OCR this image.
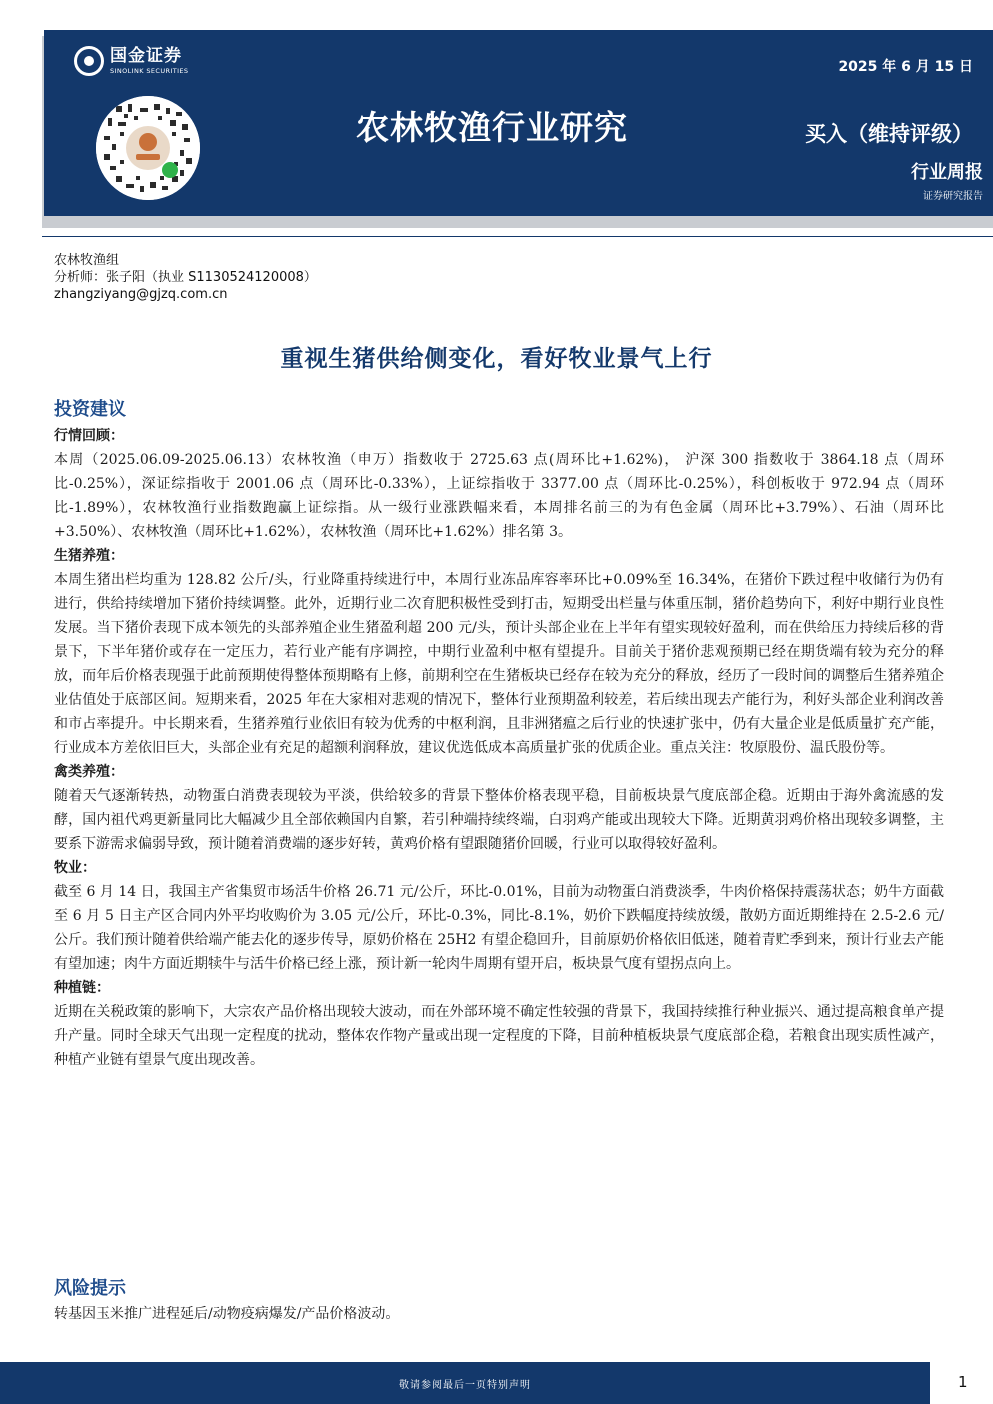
国金证券
SINOLINK SECURITIES
农林牧渔行业研究
2025 年 6 月 15 日
买入（维持评级）
行业周报
证券研究报告
农林牧渔组
分析师：张子阳（执业 S1130524120008）
zhangziyang@gjzq.com.cn
重视生猪供给侧变化，看好牧业景气上行
投资建议
行情回顾：

本周（2025.06.09-2025.06.13）农林牧渔（申万）指数收于 2725.63 点(周环比+1.62%)， 沪深 300 指数收于 3864.18 点（周环比-0.25%），深证综指收于 2001.06 点（周环比-0.33%），上证综指收于 3377.00 点（周环比-0.25%），科创板收于 972.94 点（周环比-1.89%），农林牧渔行业指数跑赢上证综指。从一级行业涨跌幅来看，本周排名前三的为有色金属（周环比+3.79%）、石油（周环比+3.50%）、农林牧渔（周环比+1.62%），农林牧渔（周环比+1.62%）排名第 3。

生猪养殖：

本周生猪出栏均重为 128.82 公斤/头，行业降重持续进行中，本周行业冻品库容率环比+0.09%至 16.34%，在猪价下跌过程中收储行为仍有进行，供给持续增加下猪价持续调整。此外，近期行业二次育肥积极性受到打击，短期受出栏量与体重压制，猪价趋势向下，利好中期行业良性发展。当下猪价表现下成本领先的头部养殖企业生猪盈利超 200 元/头，预计头部企业在上半年有望实现较好盈利，而在供给压力持续后移的背景下，下半年猪价或存在一定压力，若行业产能有序调控，中期行业盈利中枢有望提升。目前关于猪价悲观预期已经在期货端有较为充分的释放，而年后价格表现强于此前预期使得整体预期略有上修，前期利空在生猪板块已经存在较为充分的释放，经历了一段时间的调整后生猪养殖企业估值处于底部区间。短期来看，2025 年在大家相对悲观的情况下，整体行业预期盈利较差，若后续出现去产能行为，利好头部企业利润改善和市占率提升。中长期来看，生猪养殖行业依旧有较为优秀的中枢利润，且非洲猪瘟之后行业的快速扩张中，仍有大量企业是低质量扩充产能，行业成本方差依旧巨大，头部企业有充足的超额利润释放，建议优选低成本高质量扩张的优质企业。重点关注：牧原股份、温氏股份等。

禽类养殖：

随着天气逐渐转热，动物蛋白消费表现较为平淡，供给较多的背景下整体价格表现平稳，目前板块景气度底部企稳。近期由于海外禽流感的发酵，国内祖代鸡更新量同比大幅减少且全部依赖国内自繁，若引种端持续终端，白羽鸡产能或出现较大下降。近期黄羽鸡价格出现较多调整，主要系下游需求偏弱导致，预计随着消费端的逐步好转，黄鸡价格有望跟随猪价回暖，行业可以取得较好盈利。

牧业：

截至 6 月 14 日，我国主产省集贸市场活牛价格 26.71 元/公斤，环比-0.01%，目前为动物蛋白消费淡季，牛肉价格保持震荡状态；奶牛方面截至 6 月 5 日主产区合同内外平均收购价为 3.05 元/公斤，环比-0.3%，同比-8.1%，奶价下跌幅度持续放缓，散奶方面近期维持在 2.5-2.6 元/公斤。我们预计随着供给端产能去化的逐步传导，原奶价格在 25H2 有望企稳回升，目前原奶价格依旧低迷，随着青贮季到来，预计行业去产能有望加速；肉牛方面近期犊牛与活牛价格已经上涨，预计新一轮肉牛周期有望开启，板块景气度有望拐点向上。

种植链：

近期在关税政策的影响下，大宗农产品价格出现较大波动，而在外部环境不确定性较强的背景下，我国持续推行种业振兴、通过提高粮食单产提升产量。同时全球天气出现一定程度的扰动，整体农作物产量或出现一定程度的下降，目前种植板块景气度底部企稳，若粮食出现实质性减产，种植产业链有望景气度出现改善。

风险提示

转基因玉米推广进程延后/动物疫病爆发/产品价格波动。

敬请参阅最后一页特别声明	1
